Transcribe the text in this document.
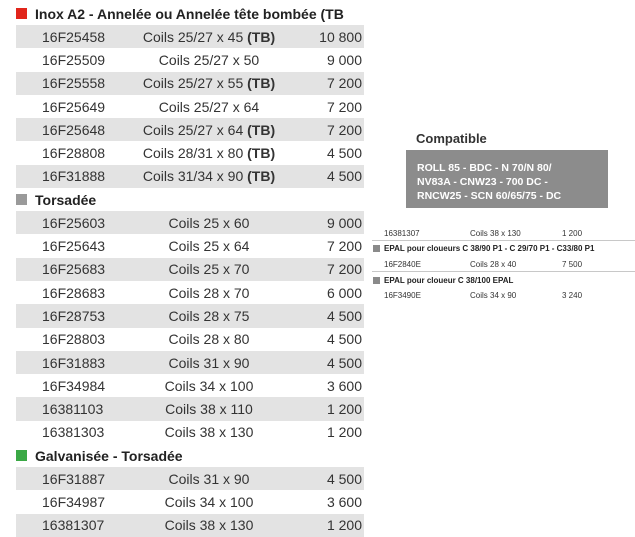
Inox A2 - Annelée ou Annelée tête bombée (TB
16F25458	Coils 25/27 x 45 (TB)	10 800
16F25509	Coils 25/27 x 50	9 000
16F25558	Coils 25/27 x 55 (TB)	7 200
16F25649	Coils 25/27 x 64	7 200
16F25648	Coils 25/27 x 64 (TB)	7 200
16F28808	Coils 28/31 x 80 (TB)	4 500
16F31888	Coils 31/34 x 90 (TB)	4 500
Torsadée
16F25603	Coils 25 x 60	9 000
16F25643	Coils 25 x 64	7 200
16F25683	Coils 25 x 70	7 200
16F28683	Coils 28 x 70	6 000
16F28753	Coils 28 x 75	4 500
16F28803	Coils 28 x 80	4 500
16F31883	Coils 31 x 90	4 500
16F34984	Coils 34 x 100	3 600
16381103	Coils 38 x 110	1 200
16381303	Coils 38 x 130	1 200
Galvanisée - Torsadée
16F31887	Coils 31 x 90	4 500
16F34987	Coils 34 x 100	3 600
16381307	Coils 38 x 130	1 200
Compatible
ROLL 85 - BDC - N 70/N 80/
NV83A - CNW23 - 700 DC -
RNCW25 - SCN 60/65/75 - DC
16381307	Coils 38 x 130	1 200
EPAL pour cloueurs C 38/90 P1 - C 29/70 P1 - C33/80 P1
16F2840E	Coils 28 x 40	7 500
EPAL pour cloueur C 38/100 EPAL
16F3490E	Coils 34 x 90	3 240
